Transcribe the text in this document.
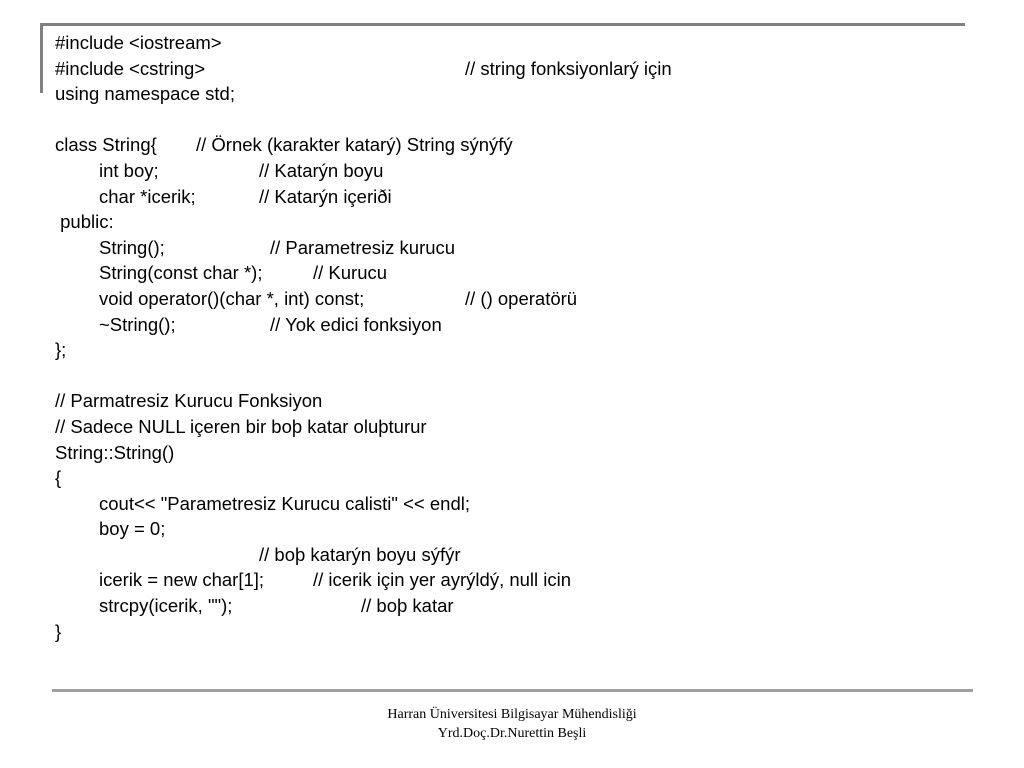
#include <iostream>
#include <cstring>	// string fonksiyonlarý için
using namespace std;
class String{ // Örnek (karakter katarý) String sýnýfý
int boy;	// Katarýn boyu
char *icerik;	// Katarýn içeriði
public:
String();	// Parametresiz kurucu
String(const char *);	// Kurucu
void operator()(char *, int) const;	// () operatörü
~String();	// Yok edici fonksiyon
};
// Parmatresiz Kurucu Fonksiyon
// Sadece NULL içeren bir boþ katar oluþturur
String::String()
{
cout<< "Parametresiz Kurucu calisti" << endl;
boy = 0;
// boþ katarýn boyu sýfýr
icerik = new char[1];	// icerik için yer ayrýldý, null icin
strcpy(icerik, "");	// boþ katar
}
Harran Üniversitesi Bilgisayar Mühendisliği
Yrd.Doç.Dr.Nurettin Beşli
